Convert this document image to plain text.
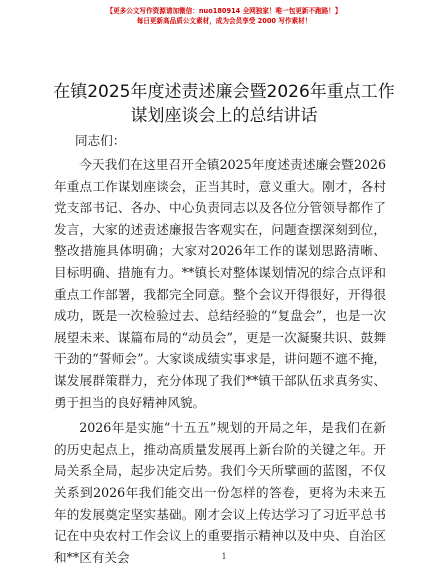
【更多公文写作资源请加微信：nuo180914 全网独家！唯一包更新不跑路！】
每日更新高品质公文素材，成为会员享受 2000 写作素材！
在镇2025年度述责述廉会暨2026年重点工作
谋划座谈会上的总结讲话
同志们：

今天我们在这里召开全镇2025年度述责述廉会暨2026年重点工作谋划座谈会，正当其时，意义重大。刚才，各村党支部书记、各办、中心负责同志以及各位分管领导都作了发言，大家的述责述廉报告客观实在，问题查摆深刻到位，整改措施具体明确；大家对2026年工作的谋划思路清晰、目标明确、措施有力。**镇长对整体谋划情况的综合点评和重点工作部署，我都完全同意。整个会议开得很好，开得很成功，既是一次检验过去、总结经验的“复盘会”，也是一次展望未来、谋篇布局的“动员会”，更是一次凝聚共识、鼓舞干劲的“誓师会”。大家谈成绩实事求是，讲问题不遮不掩，谋发展群策群力，充分体现了我们**镇干部队伍求真务实、勇于担当的良好精神风貌。

2026年是实施“十五五”规划的开局之年，是我们在新的历史起点上，推动高质量发展再上新台阶的关键之年。开局关系全局，起步决定后势。我们今天所擘画的蓝图，不仅关系到2026年我们能交出一份怎样的答卷，更将为未来五年的发展奠定坚实基础。刚才会议上传达学习了习近平总书记在中央农村工作会议上的重要指示精神以及中央、自治区和**区有关会	1
